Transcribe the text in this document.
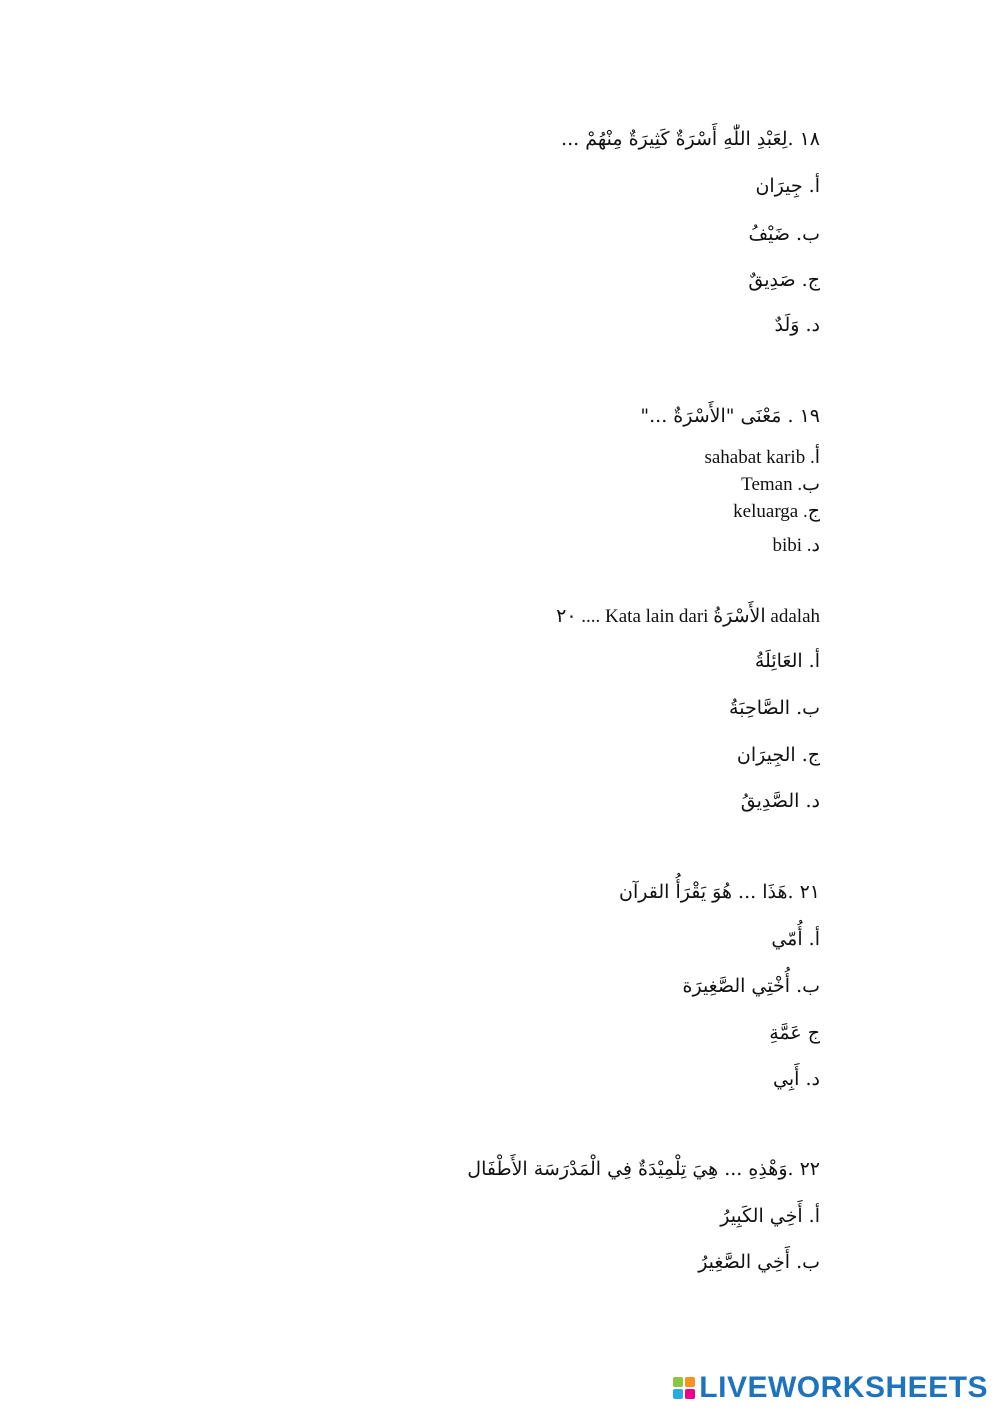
١٨ .لِعَبْدِ اللّٰهِ أَسْرَةٌ كَثِيرَةٌ مِنْهُمْ ...
أ. جِيرَان
ب. ضَيْفُ
ج. صَدِيقٌ
د. وَلَدٌ
١٩ . مَعْنَى "الأَسْرَةٌ ..."
أ. sahabat karib
ب. Teman
ج. keluarga
د. bibi
٢٠ .... Kata lain dari الأَسْرَةُ adalah
أ. العَائِلَةُ
ب. الصَّاحِبَةُ
ج. الجِيرَان
د. الصَّدِيقُ
٢١ .هَذَا ... هُوَ يَقْرَأُ القرآن
أ. أُمّي
ب. أُخْتِي الصَّغِيرَة
ج عَمَّةِ
د. أَبِي
٢٢ .وَهْذِهِ ... هِيَ تِلْمِيْدَةٌ فِي الْمَدْرَسَة الأَطْفَال
أ. أَخِي الكَبِيرُ
ب. أَخِي الصَّغِيرُ
LIVEWORKSHEETS
